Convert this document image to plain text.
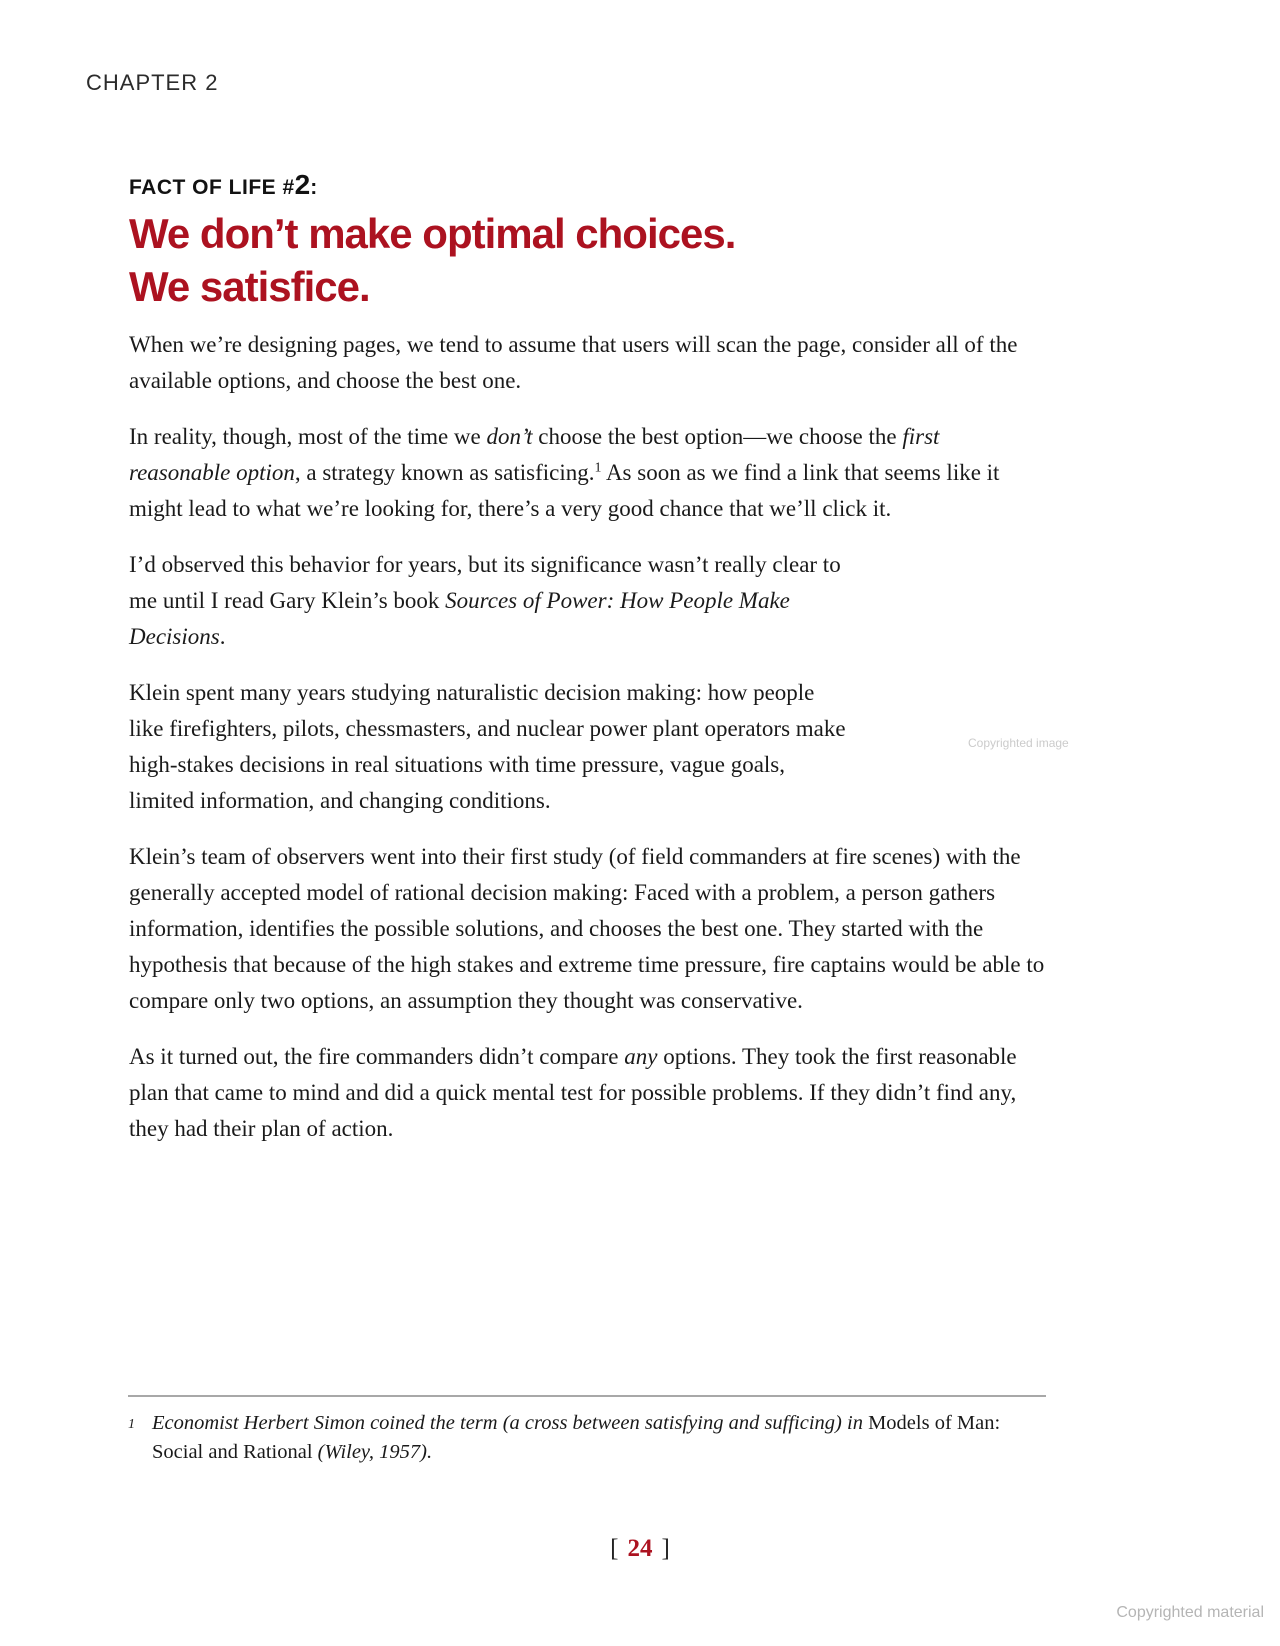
CHAPTER 2
FACT OF LIFE #2:
We don’t make optimal choices.
We satisfice.
When we’re designing pages, we tend to assume that users will scan the page, consider all of the available options, and choose the best one.
In reality, though, most of the time we don’t choose the best option—we choose the first reasonable option, a strategy known as satisficing.$^1$ As soon as we find a link that seems like it might lead to what we’re looking for, there’s a very good chance that we’ll click it.
I’d observed this behavior for years, but its significance wasn’t really clear to me until I read Gary Klein’s book Sources of Power: How People Make Decisions.
Klein spent many years studying naturalistic decision making: how people like firefighters, pilots, chessmasters, and nuclear power plant operators make high-stakes decisions in real situations with time pressure, vague goals, limited information, and changing conditions.
Klein’s team of observers went into their first study (of field commanders at fire scenes) with the generally accepted model of rational decision making: Faced with a problem, a person gathers information, identifies the possible solutions, and chooses the best one. They started with the hypothesis that because of the high stakes and extreme time pressure, fire captains would be able to compare only two options, an assumption they thought was conservative.
As it turned out, the fire commanders didn’t compare any options. They took the first reasonable plan that came to mind and did a quick mental test for possible problems. If they didn’t find any, they had their plan of action.
Copyrighted image
1 Economist Herbert Simon coined the term (a cross between satisfying and sufficing) in Models of Man: Social and Rational (Wiley, 1957).
[ 24 ]
Copyrighted material
